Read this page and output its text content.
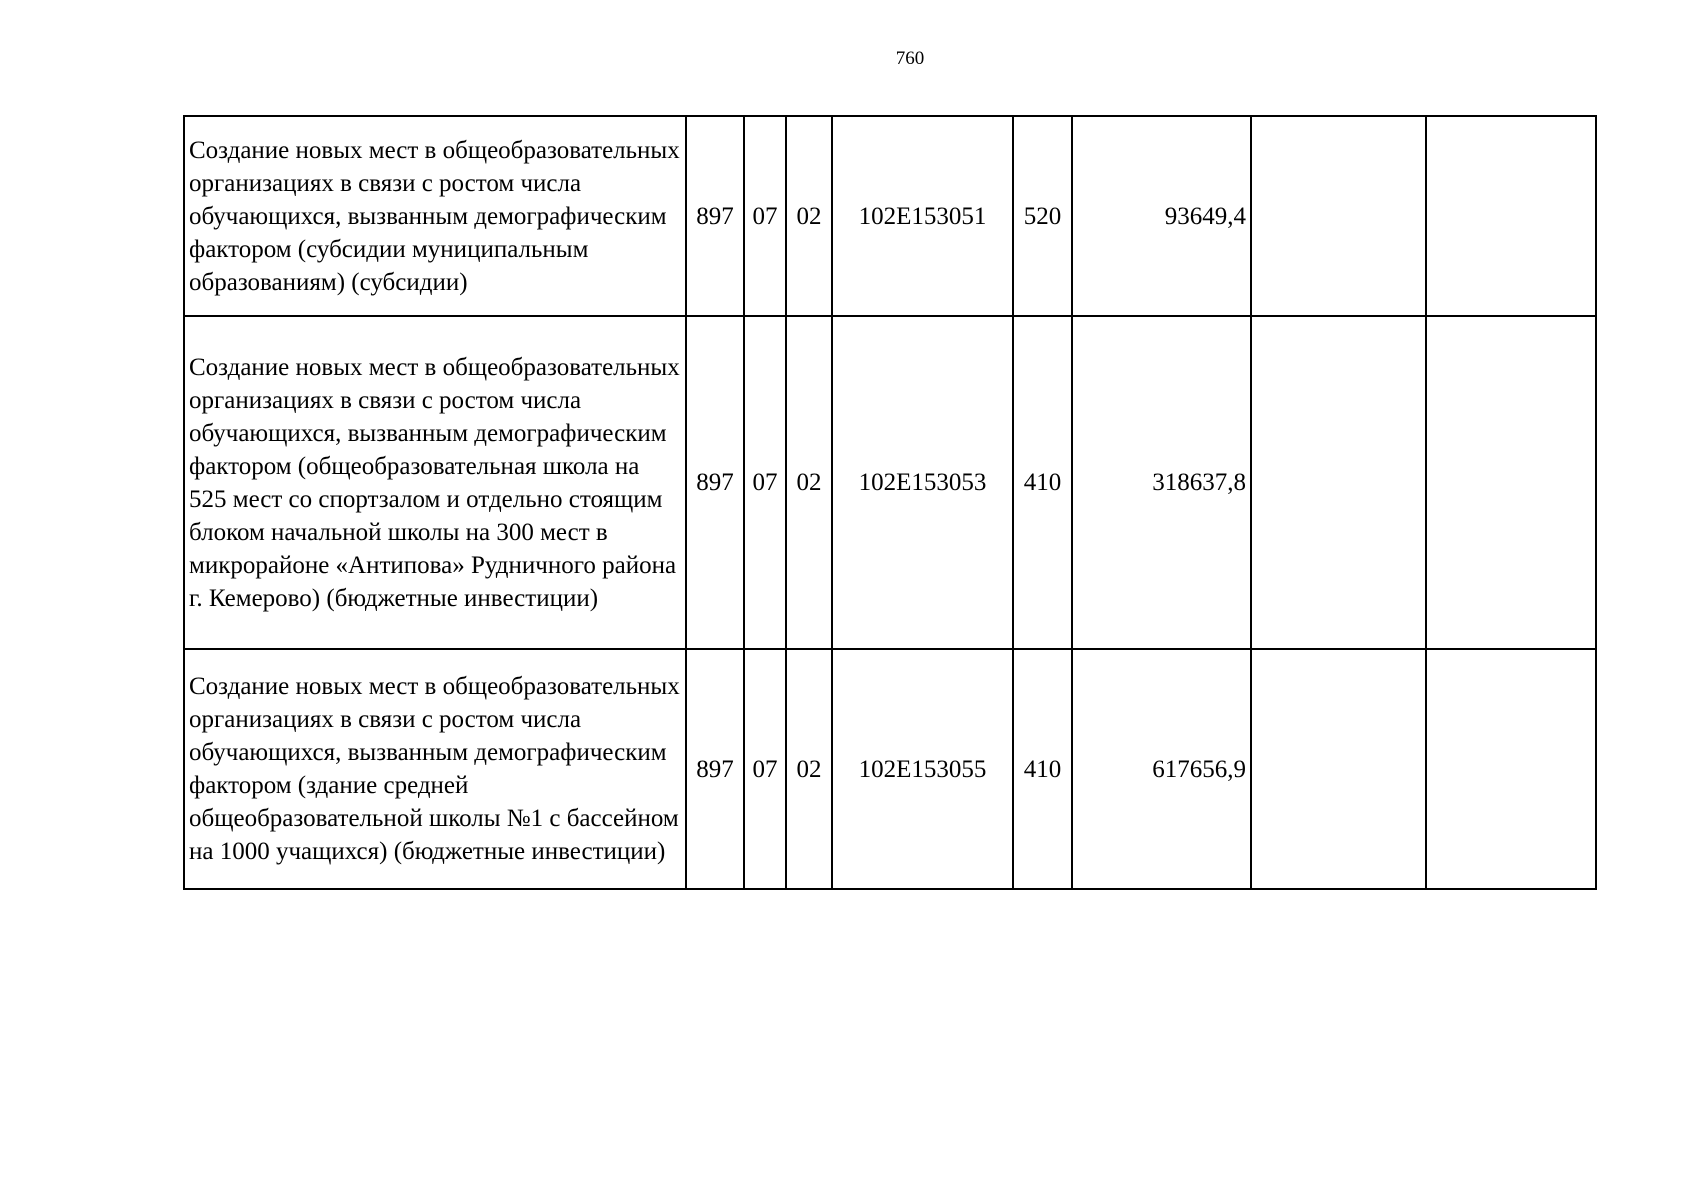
760
Создание новых мест в общеобразовательных организациях в связи с ростом числа обучающихся, вызванным демографическим фактором (субсидии муниципальным образованиям) (субсидии)	897	07	02	102E153051	520	93649,4		
Создание новых мест в общеобразовательных организациях в связи с ростом числа обучающихся, вызванным демографическим фактором (общеобразовательная школа на 525 мест со спортзалом и отдельно стоящим блоком начальной школы на 300 мест в микрорайоне «Антипова» Рудничного района г. Кемерово) (бюджетные инвестиции)	897	07	02	102E153053	410	318637,8		
Создание новых мест в общеобразовательных организациях в связи с ростом числа обучающихся, вызванным демографическим фактором (здание средней общеобразовательной школы №1 с бассейном на 1000 учащихся) (бюджетные инвестиции)	897	07	02	102E153055	410	617656,9		
